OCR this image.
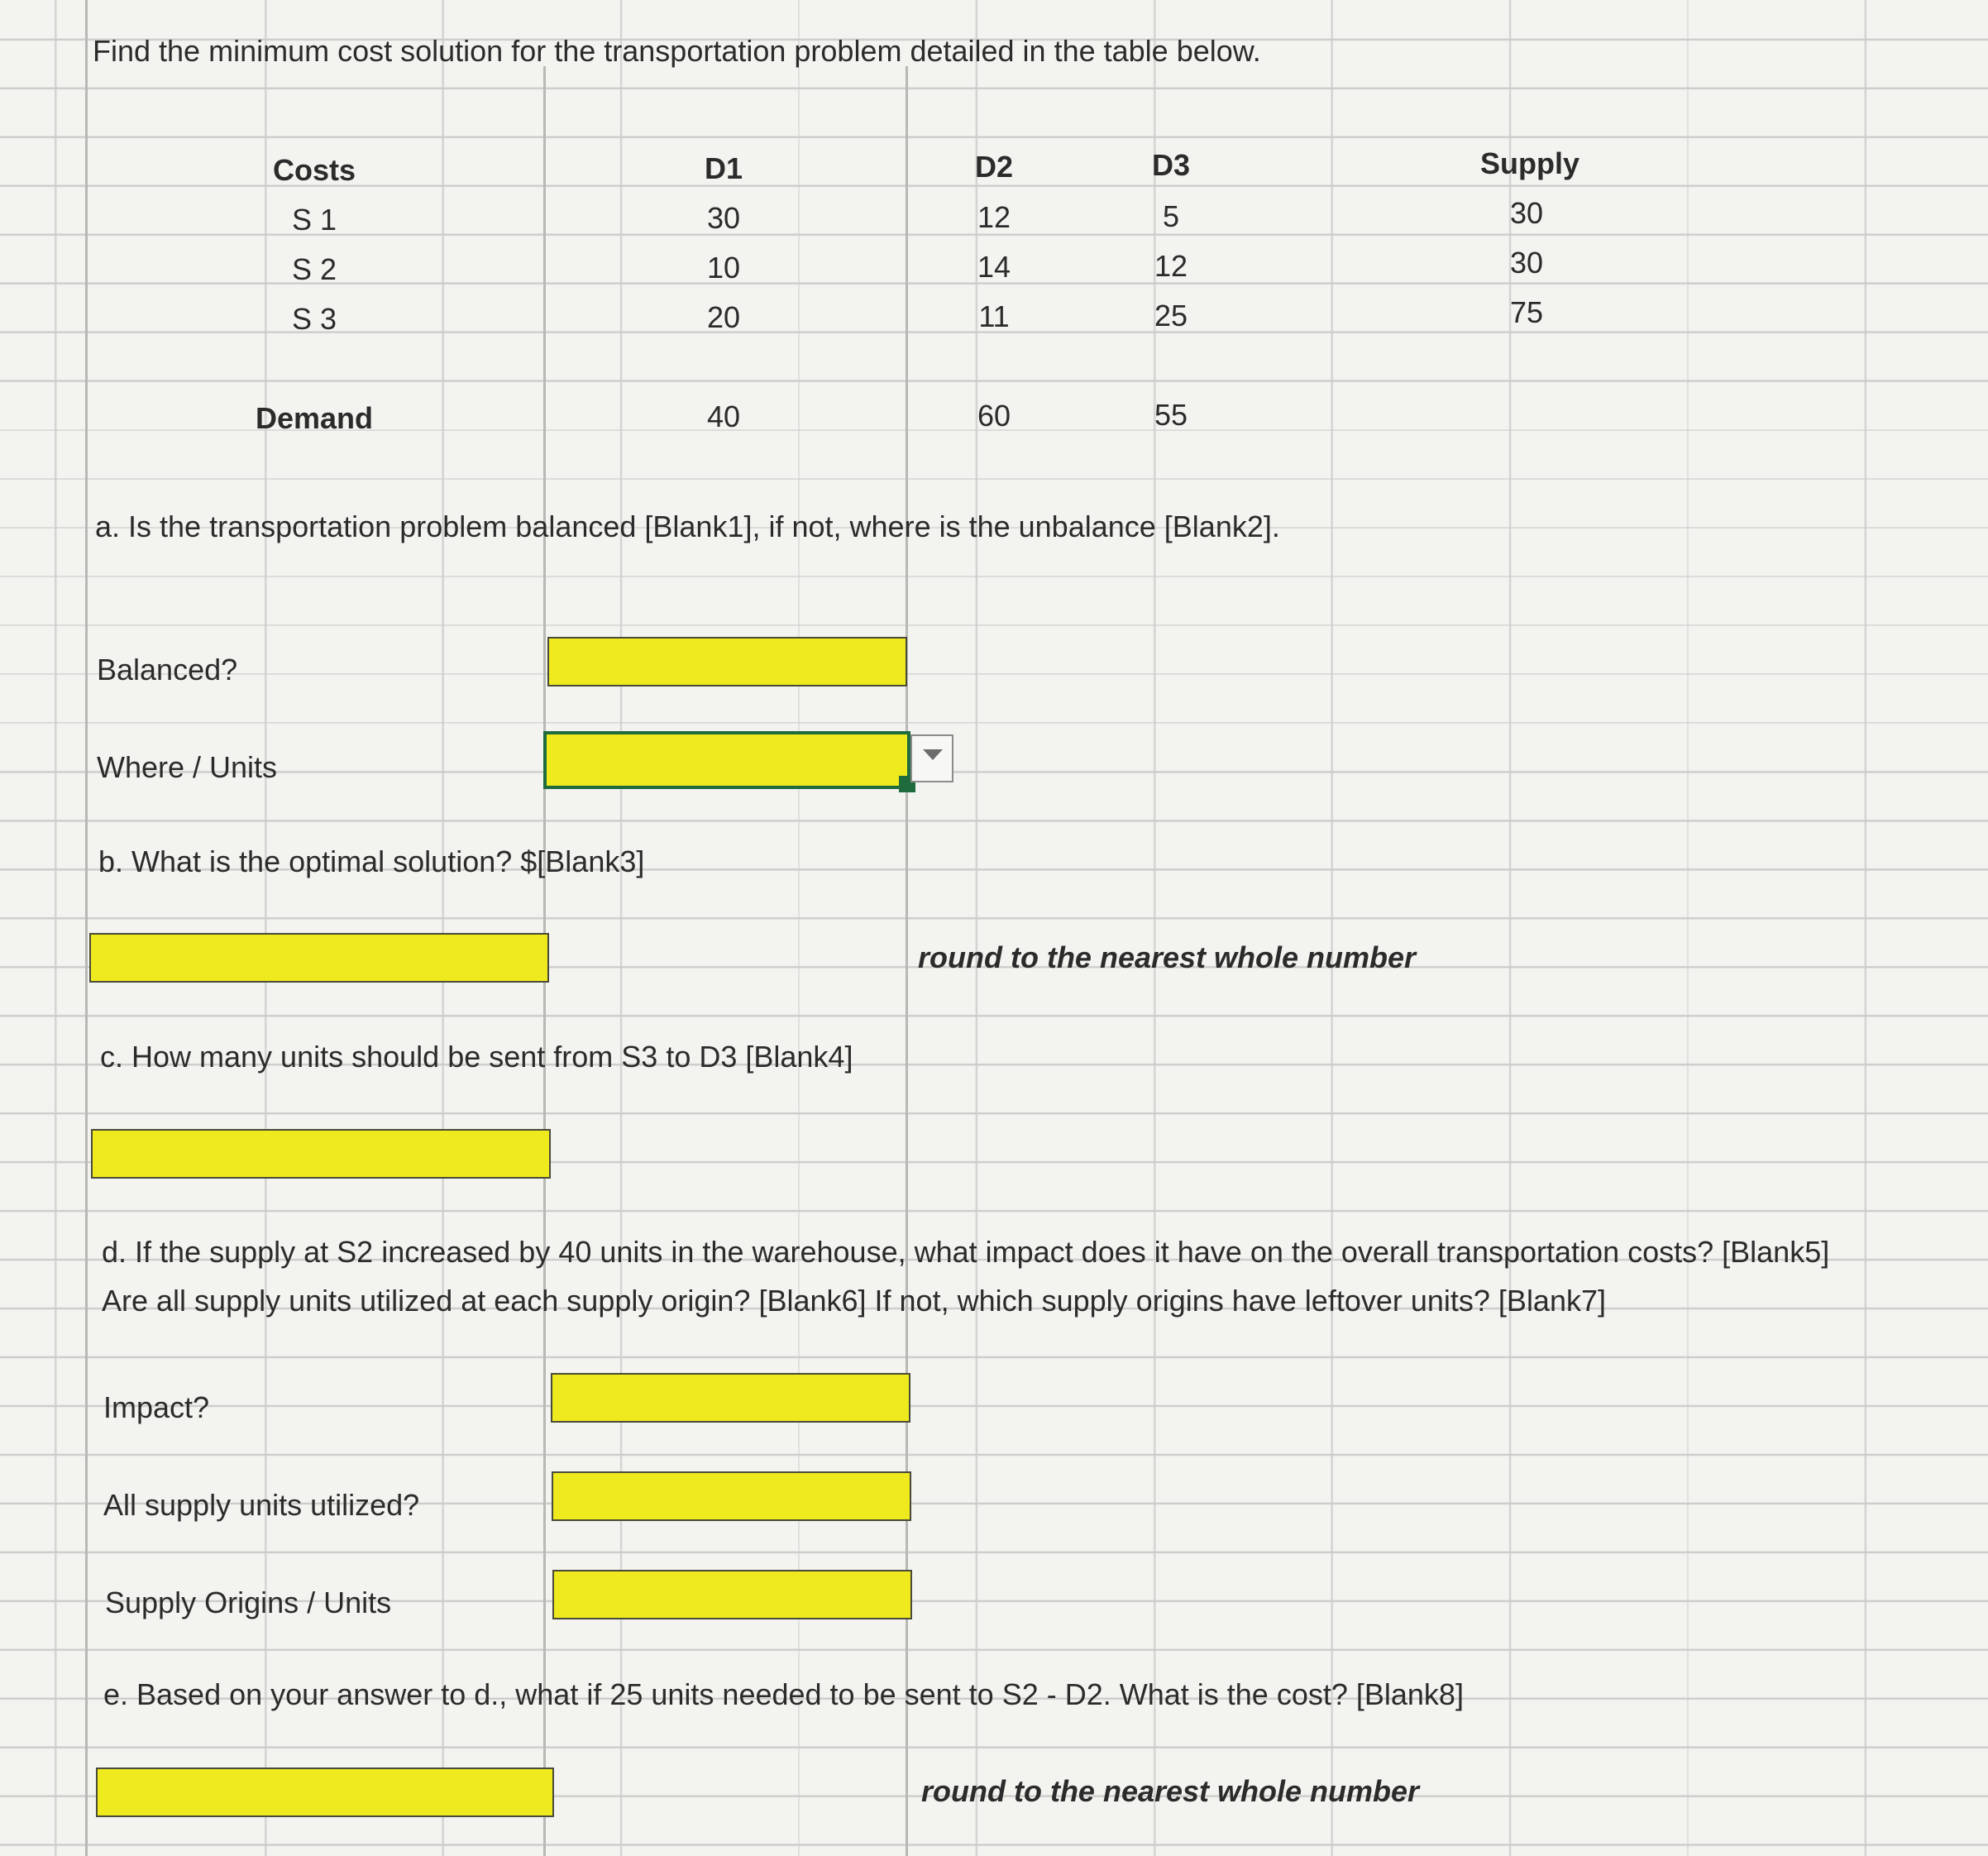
Find the minimum cost solution for the transportation problem detailed in the table below.
Costs	D1	D2	D3	Supply
S 1	30	12	5	30
S 2	10	14	12	30
S 3	20	11	25	75
Demand	40	60	55
a. Is the transportation problem balanced [Blank1], if not, where is the unbalance [Blank2].
Balanced?
Where / Units
b. What is the optimal solution? $[Blank3]
round to the nearest whole number
c. How many units should be sent from S3 to D3 [Blank4]
d. If the supply at S2 increased by 40 units in the warehouse, what impact does it have on the overall transportation costs? [Blank5]
Are all supply units utilized at each supply origin? [Blank6] If not, which supply origins have leftover units? [Blank7]
Impact?
All supply units utilized?
Supply Origins / Units
e. Based on your answer to d., what if 25 units needed to be sent to S2 - D2. What is the cost? [Blank8]
round to the nearest whole number
